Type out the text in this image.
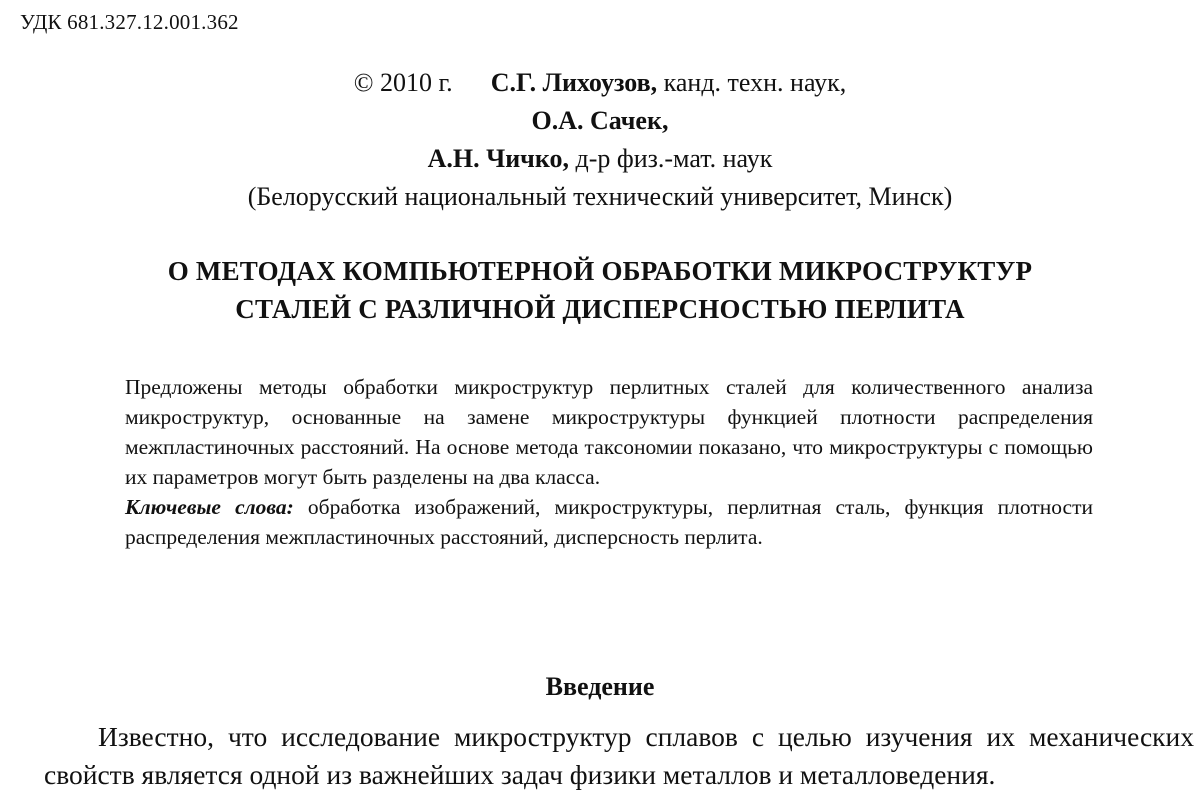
УДК 681.327.12.001.362
© 2010 г. С.Г. Лихоузов, канд. техн. наук,
О.А. Сачек,
А.Н. Чичко, д-р физ.-мат. наук
(Белорусский национальный технический университет, Минск)
О МЕТОДАХ КОМПЬЮТЕРНОЙ ОБРАБОТКИ МИКРОСТРУКТУР
СТАЛЕЙ С РАЗЛИЧНОЙ ДИСПЕРСНОСТЬЮ ПЕРЛИТА

Предложены методы обработки микроструктур перлитных сталей для количественного анализа микроструктур, основанные на замене микроструктуры функцией плотности распределения межпластиночных расстояний. На основе метода таксономии показано, что микроструктуры с помощью их параметров могут быть разделены на два класса.

Ключевые слова: обработка изображений, микроструктуры, перлитная сталь, функция плотности распределения межпластиночных расстояний, дисперсность перлита.

Введение

Известно, что исследование микроструктур сплавов с целью изучения их механических свойств является одной из важнейших задач физики металлов и металловедения.
